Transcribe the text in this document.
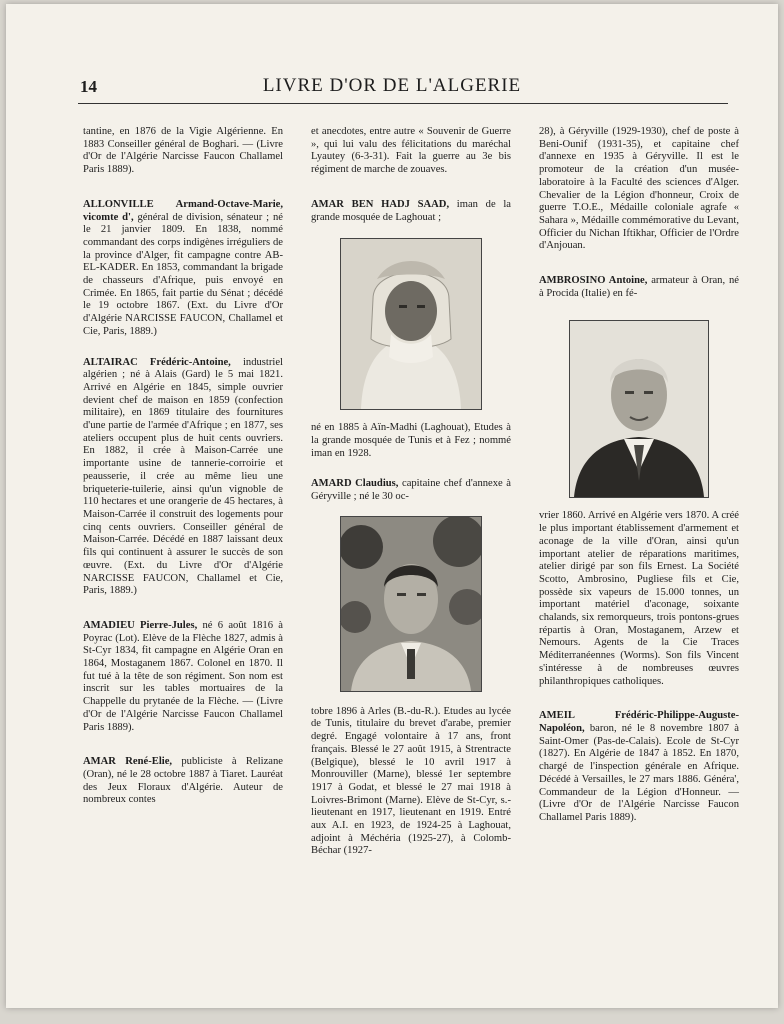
14	LIVRE D'OR DE L'ALGERIE

tantine, en 1876 de la Vigie Algérienne. En 1883 Conseiller général de Boghari. — (Livre d'Or de l'Algérie Narcisse Faucon Challamel Paris 1889).

ALLONVILLE Armand-Octave-Marie, vicomte d', général de division, sénateur ; né le 21 janvier 1809. En 1838, nommé commandant des corps indigènes irréguliers de la province d'Alger, fit campagne contre AB-EL-KADER. En 1853, commandant la brigade de chasseurs d'Afrique, puis envoyé en Crimée. En 1865, fait partie du Sénat ; décédé le 19 octobre 1867. (Ext. du Livre d'Or d'Algérie NARCISSE FAUCON, Challamel et Cie, Paris, 1889.)

ALTAIRAC Frédéric-Antoine, industriel algérien ; né à Alais (Gard) le 5 mai 1821. Arrivé en Algérie en 1845, simple ouvrier devient chef de maison en 1859 (confection militaire), en 1869 titulaire des fournitures d'une partie de l'armée d'Afrique ; en 1877, ses ateliers occupent plus de huit cents ouvriers. En 1882, il crée à Maison-Carrée une importante usine de tannerie-corroirie et peausserie, il crée au même lieu une briqueterie-tuilerie, ainsi qu'un vignoble de 110 hectares et une orangerie de 45 hectares, à Maison-Carrée il construit des logements pour cinq cents ouvriers. Conseiller général de Maison-Carrée. Décédé en 1887 laissant deux fils qui continuent à assurer le succès de son œuvre. (Ext. du Livre d'Or d'Algérie NARCISSE FAUCON, Challamel et Cie, Paris, 1889.)

AMADIEU Pierre-Jules, né 6 août 1816 à Poyrac (Lot). Elève de la Flèche 1827, admis à St-Cyr 1834, fit campagne en Algérie Oran en 1864, Mostaganem 1867. Colonel en 1870. Il fut tué à la tête de son régiment. Son nom est inscrit sur les tables mortuaires de la Chappelle du prytanée de la Flèche. — (Livre d'Or de l'Algérie Narcisse Faucon Challamel Paris 1889).

AMAR René-Elie, publiciste à Relizane (Oran), né le 28 octobre 1887 à Tiaret. Lauréat des Jeux Floraux d'Algérie. Auteur de nombreux contes

et anecdotes, entre autre « Souvenir de Guerre », qui lui valu des félicitations du maréchal Lyautey (6-3-31). Fait la guerre au 3e bis régiment de marche de zouaves.

AMAR BEN HADJ SAAD, iman de la grande mosquée de Laghouat ;

né en 1885 à Aïn-Madhi (Laghouat), Etudes à la grande mosquée de Tunis et à Fez ; nommé iman en 1928.

AMARD Claudius, capitaine chef d'annexe à Géryville ; né le 30 oc-

tobre 1896 à Arles (B.-du-R.). Etudes au lycée de Tunis, titulaire du brevet d'arabe, premier degré. Engagé volontaire à 17 ans, front français. Blessé le 27 août 1915, à Strentracte (Belgique), blessé le 10 avril 1917 à Monrouviller (Marne), blessé 1er septembre 1917 à Godat, et blessé le 27 mai 1918 à Loivres-Brimont (Marne). Elève de St-Cyr, s.-lieutenant en 1917, lieutenant en 1919. Entré aux A.I. en 1923, de 1924-25 à Laghouat, adjoint à Méchéria (1925-27), à Colomb-Béchar (1927-

28), à Géryville (1929-1930), chef de poste à Beni-Ounif (1931-35), et capitaine chef d'annexe en 1935 à Géryville. Il est le promoteur de la création d'un musée-laboratoire à la Faculté des sciences d'Alger. Chevalier de la Légion d'honneur, Croix de guerre T.O.E., Médaille coloniale agrafe « Sahara », Médaille commémorative du Levant, Officier du Nichan Iftikhar, Officier de l'Ordre d'Anjouan.

AMBROSINO Antoine, armateur à Oran, né à Procida (Italie) en fé-

vrier 1860. Arrivé en Algérie vers 1870. A créé le plus important établissement d'armement et aconage de la ville d'Oran, ainsi qu'un important atelier de réparations maritimes, atelier dirigé par son fils Ernest. La Société Scotto, Ambrosino, Pugliese fils et Cie, possède six vapeurs de 15.000 tonnes, un important matériel d'aconage, soixante chalands, six remorqueurs, trois pontons-grues répartis à Oran, Mostaganem, Arzew et Nemours. Agents de la Cie Traces Méditerranéennes (Worms). Son fils Vincent s'intéresse à de nombreuses œuvres philanthropiques catholiques.

AMEIL Frédéric-Philippe-Auguste-Napoléon, baron, né le 8 novembre 1807 à Saint-Omer (Pas-de-Calais). Ecole de St-Cyr (1827). En Algérie de 1847 à 1852. En 1870, chargé de l'inspection générale en Afrique. Décédé à Versailles, le 27 mars 1886. Généra', Commandeur de la Légion d'Honneur. — (Livre d'Or de l'Algérie Narcisse Faucon Challamel Paris 1889).
